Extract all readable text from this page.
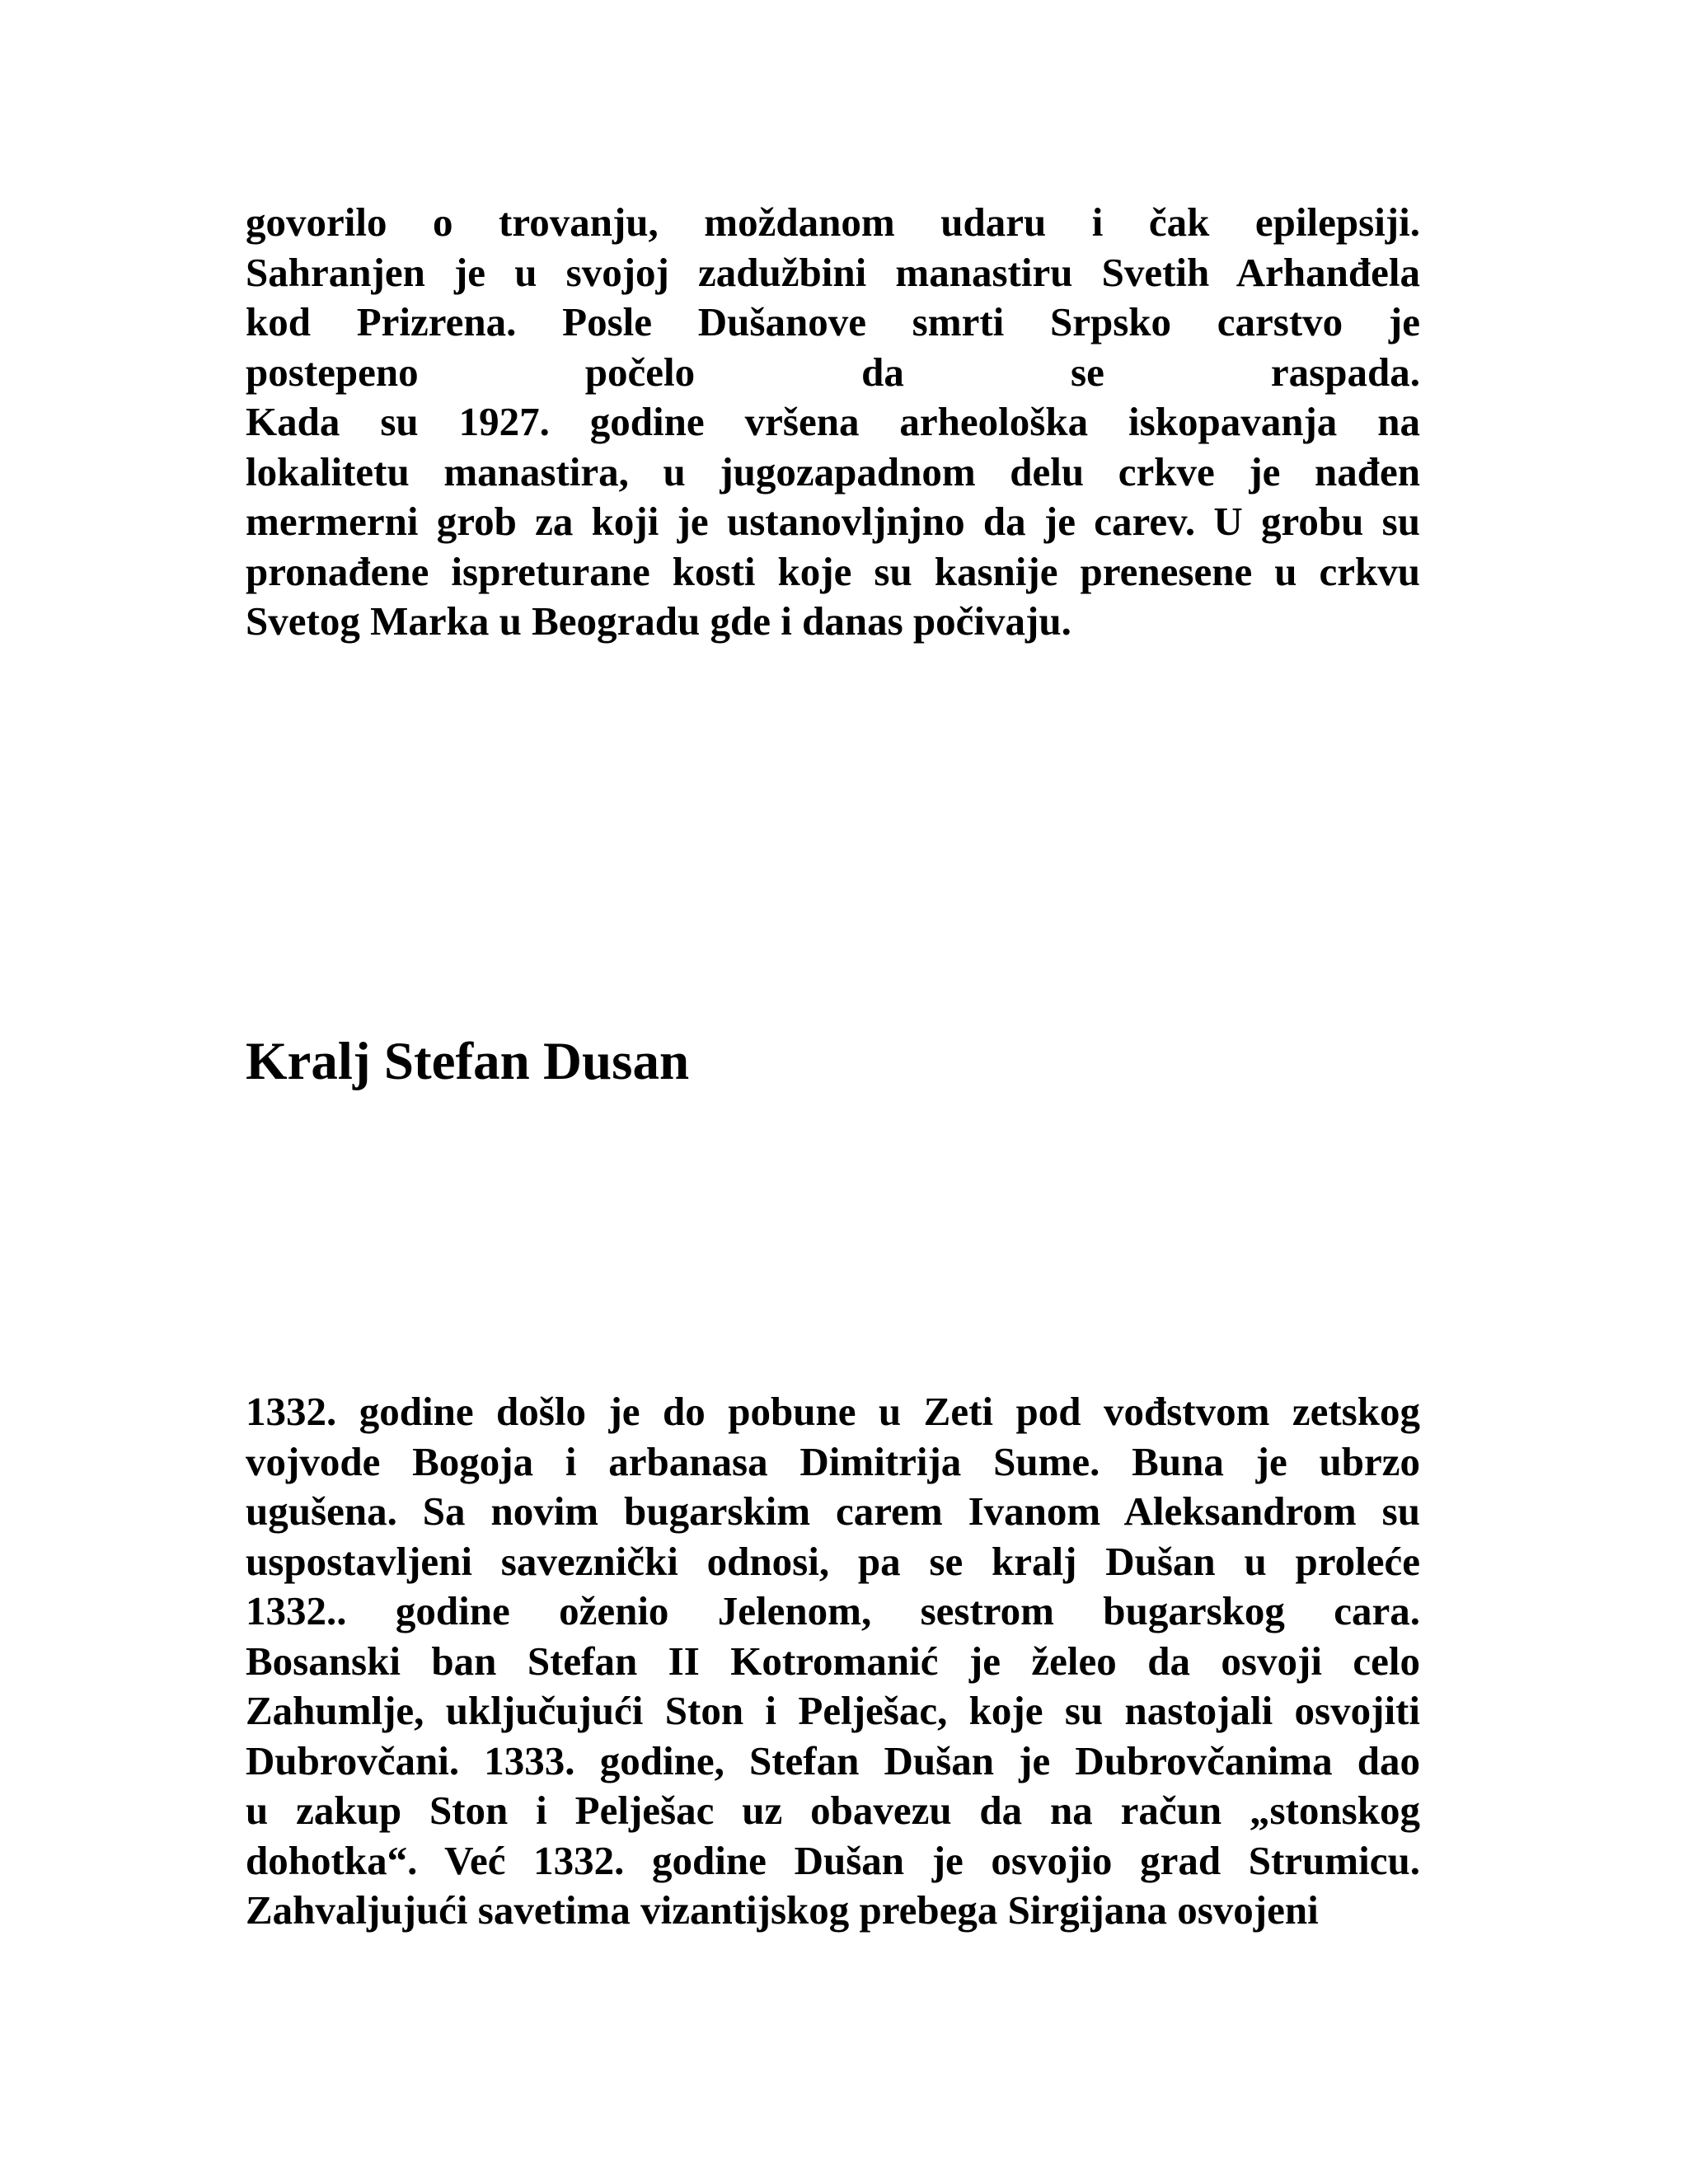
govorilo o trovanju, moždanom udaru i čak epilepsiji.
Sahranjen je u svojoj zadužbini manastiru Svetih Arhanđela
kod Prizrena. Posle Dušanove smrti Srpsko carstvo je
postepeno počelo da se raspada.
Kada su 1927. godine vršena arheološka iskopavanja na
lokalitetu manastira, u jugozapadnom delu crkve je nađen
mermerni grob za koji je ustanovljnjno da je carev. U grobu su
pronađene ispreturane kosti koje su kasnije prenesene u crkvu
Svetog Marka u Beogradu gde i danas počivaju.

Kralj Stefan Dusan

1332. godine došlo je do pobune u Zeti pod vođstvom zetskog
vojvode Bogoja i arbanasa Dimitrija Sume. Buna je ubrzo
ugušena. Sa novim bugarskim carem Ivanom Aleksandrom su
uspostavljeni saveznički odnosi, pa se kralj Dušan u proleće
1332.. godine oženio Jelenom, sestrom bugarskog cara.
Bosanski ban Stefan II Kotromanić je želeo da osvoji celo
Zahumlje, uključujući Ston i Pelješac, koje su nastojali osvojiti
Dubrovčani. 1333. godine, Stefan Dušan je Dubrovčanima dao
u zakup Ston i Pelješac uz obavezu da na račun „stonskog
dohotka“. Već 1332. godine Dušan je osvojio grad Strumicu.
Zahvaljujući savetima vizantijskog prebega Sirgijana osvojeni
